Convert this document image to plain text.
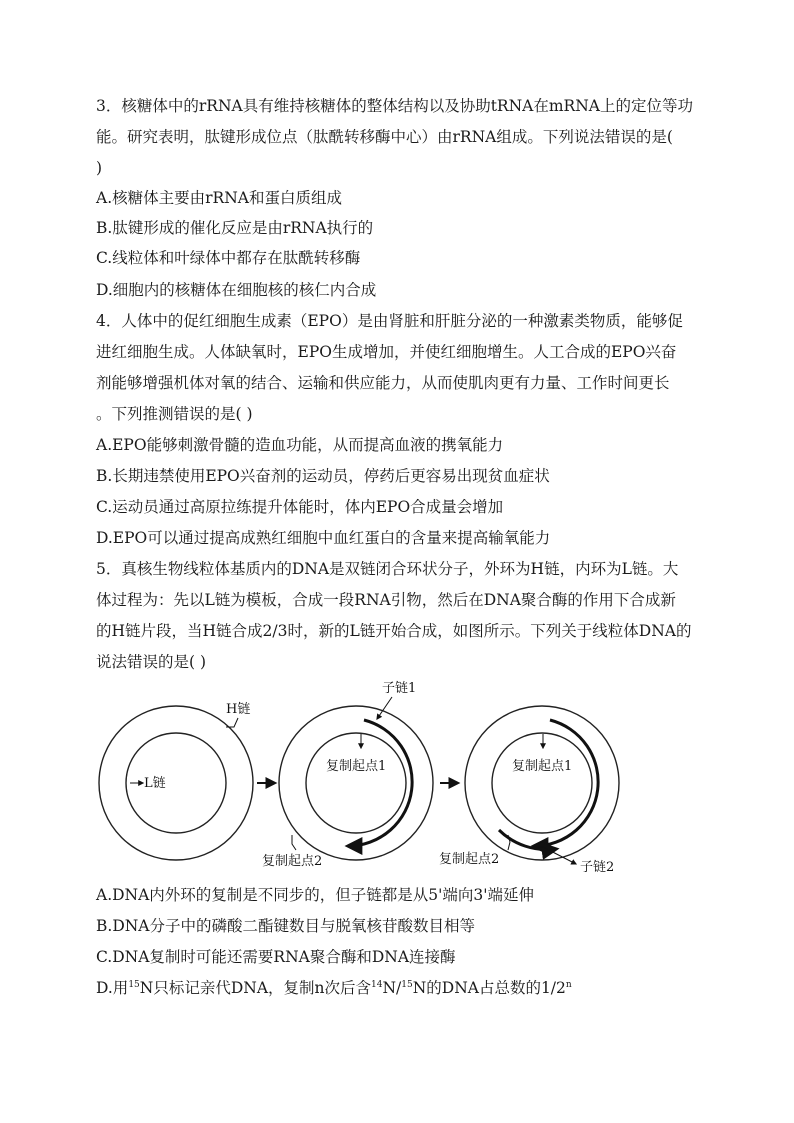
3．核糖体中的rRNA具有维持核糖体的整体结构以及协助tRNA在mRNA上的定位等功
能。研究表明，肽键形成位点（肽酰转移酶中心）由rRNA组成。下列说法错误的是(
)
A.核糖体主要由rRNA和蛋白质组成
B.肽键形成的催化反应是由rRNA执行的
C.线粒体和叶绿体中都存在肽酰转移酶
D.细胞内的核糖体在细胞核的核仁内合成
4．人体中的促红细胞生成素（EPO）是由肾脏和肝脏分泌的一种激素类物质，能够促
进红细胞生成。人体缺氧时，EPO生成增加，并使红细胞增生。人工合成的EPO兴奋
剂能够增强机体对氧的结合、运输和供应能力，从而使肌肉更有力量、工作时间更长
。下列推测错误的是( )
A.EPO能够刺激骨髓的造血功能，从而提高血液的携氧能力
B.长期违禁使用EPO兴奋剂的运动员，停药后更容易出现贫血症状
C.运动员通过高原拉练提升体能时，体内EPO合成量会增加
D.EPO可以通过提高成熟红细胞中血红蛋白的含量来提高输氧能力
5．真核生物线粒体基质内的DNA是双链闭合环状分子，外环为H链，内环为L链。大
体过程为：先以L链为模板，合成一段RNA引物，然后在DNA聚合酶的作用下合成新
的H链片段，当H链合成2/3时，新的L链开始合成，如图所示。下列关于线粒体DNA的
说法错误的是( )
H链
L链
子链1
复制起点1
复制起点2
复制起点1
复制起点2
子链2
A.DNA内外环的复制是不同步的，但子链都是从5'端向3'端延伸
B.DNA分子中的磷酸二酯键数目与脱氧核苷酸数目相等
C.DNA复制时可能还需要RNA聚合酶和DNA连接酶
D.用$^{15}$N只标记亲代DNA，复制n次后含$^{14}$N/$^{15}$N的DNA占总数的1/2$^n$
